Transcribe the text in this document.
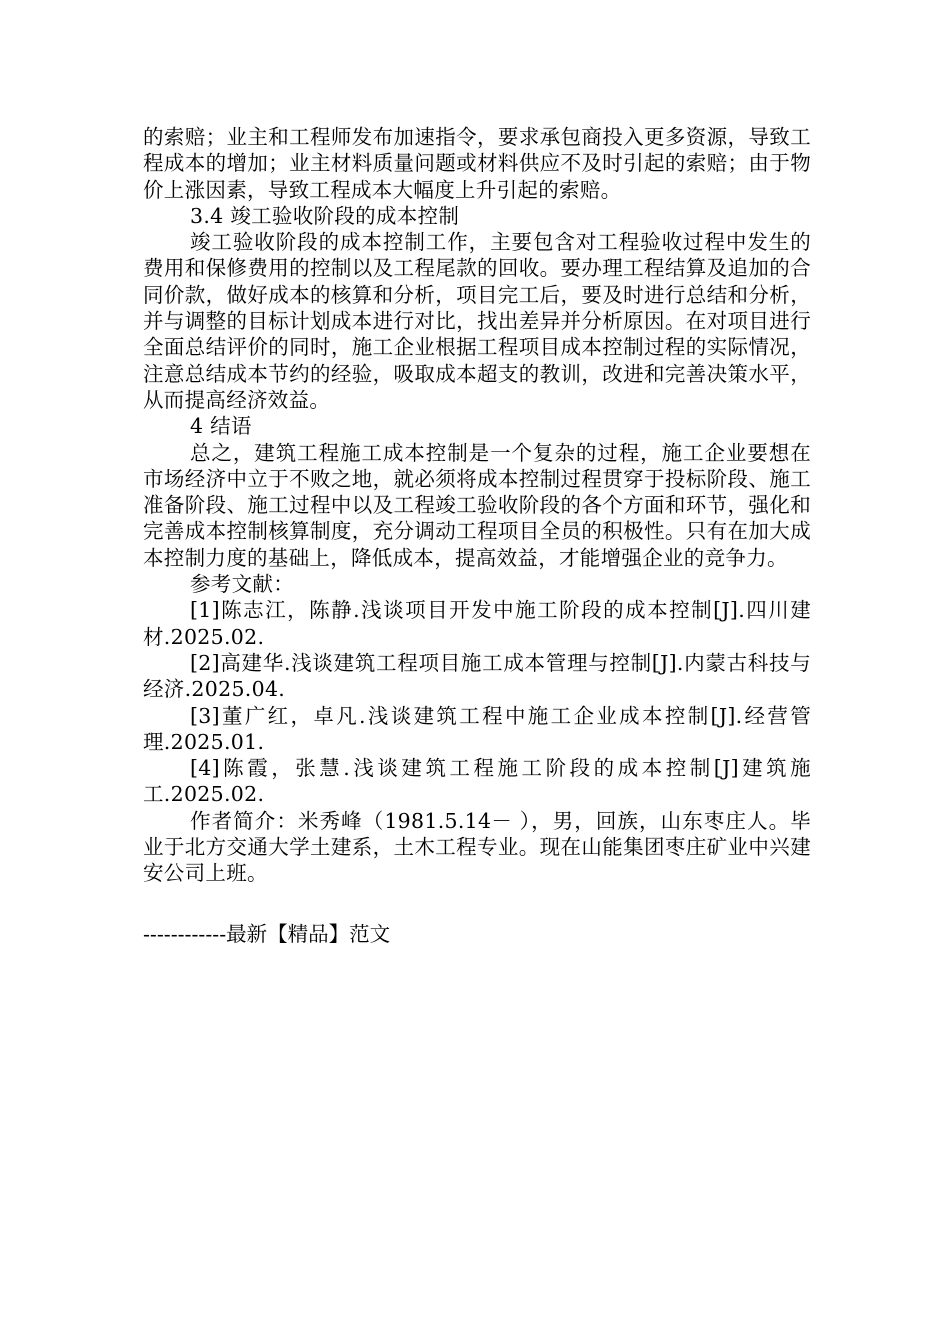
的索赔；业主和工程师发布加速指令，要求承包商投入更多资源，导致工程成本的增加；业主材料质量问题或材料供应不及时引起的索赔；由于物价上涨因素，导致工程成本大幅度上升引起的索赔。

3.4 竣工验收阶段的成本控制

竣工验收阶段的成本控制工作，主要包含对工程验收过程中发生的费用和保修费用的控制以及工程尾款的回收。要办理工程结算及追加的合同价款，做好成本的核算和分析，项目完工后，要及时进行总结和分析，并与调整的目标计划成本进行对比，找出差异并分析原因。在对项目进行全面总结评价的同时，施工企业根据工程项目成本控制过程的实际情况，注意总结成本节约的经验，吸取成本超支的教训，改进和完善决策水平，从而提高经济效益。

4 结语

总之，建筑工程施工成本控制是一个复杂的过程，施工企业要想在市场经济中立于不败之地，就必须将成本控制过程贯穿于投标阶段、施工准备阶段、施工过程中以及工程竣工验收阶段的各个方面和环节，强化和完善成本控制核算制度，充分调动工程项目全员的积极性。只有在加大成本控制力度的基础上，降低成本，提高效益，才能增强企业的竞争力。

参考文献：

[1]陈志江，陈静.浅谈项目开发中施工阶段的成本控制[J].四川建材.2025.02.

[2]高建华.浅谈建筑工程项目施工成本管理与控制[J].内蒙古科技与经济.2025.04.

[3]董广红，卓凡.浅谈建筑工程中施工企业成本控制[J].经营管理.2025.01.

[4]陈霞，张慧.浅谈建筑工程施工阶段的成本控制[J]建筑施工.2025.02.

作者简介：米秀峰（1981.5.14－ ），男，回族，山东枣庄人。毕业于北方交通大学土建系，土木工程专业。现在山能集团枣庄矿业中兴建安公司上班。

------------最新【精品】范文
